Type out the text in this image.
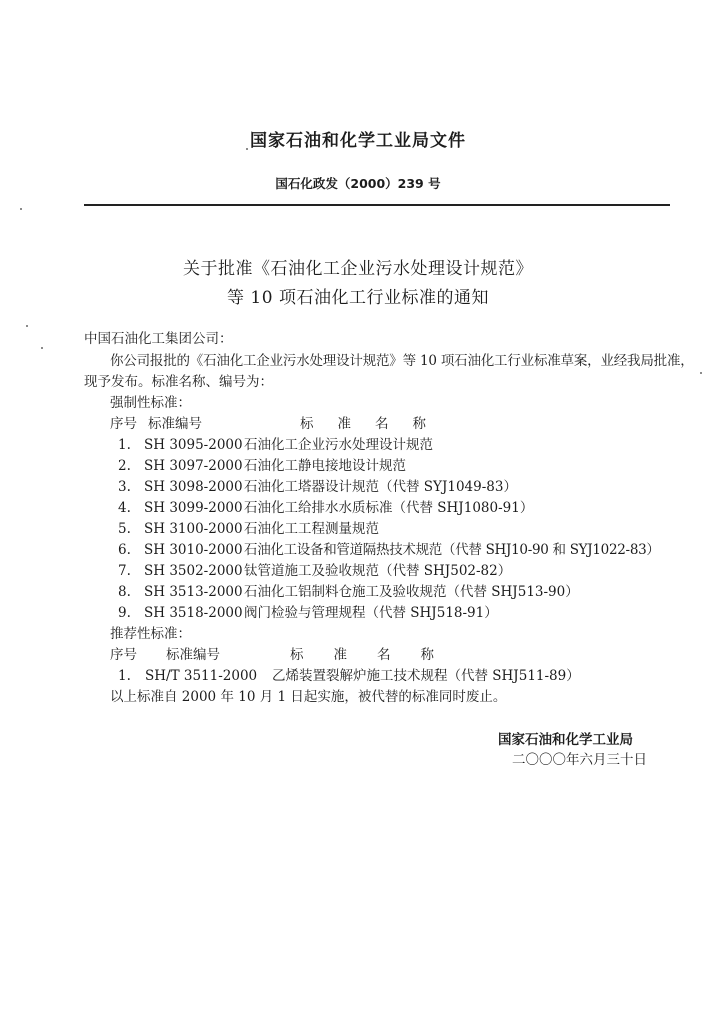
国家石油和化学工业局文件
国石化政发（2000）239 号
关于批准《石油化工企业污水处理设计规范》
等 10 项石油化工行业标准的通知
中国石油化工集团公司：
你公司报批的《石油化工企业污水处理设计规范》等 10 项石油化工行业标准草案，业经我局批准，
现予发布。标准名称、编号为：
强制性标准：
序号 标准编号	标准名称
1. SH 3095-2000 石油化工企业污水处理设计规范
2. SH 3097-2000 石油化工静电接地设计规范
3. SH 3098-2000 石油化工塔器设计规范（代替 SYJ1049-83）
4. SH 3099-2000 石油化工给排水水质标准（代替 SHJ1080-91）
5. SH 3100-2000 石油化工工程测量规范
6. SH 3010-2000 石油化工设备和管道隔热技术规范（代替 SHJ10-90 和 SYJ1022-83）
7. SH 3502-2000 钛管道施工及验收规范（代替 SHJ502-82）
8. SH 3513-2000 石油化工铝制料仓施工及验收规范（代替 SHJ513-90）
9. SH 3518-2000 阀门检验与管理规程（代替 SHJ518-91）
推荐性标准：
序号 标准编号	标准名称
1.	SH/T 3511-2000 乙烯装置裂解炉施工技术规程（代替 SHJ511-89）
以上标准自 2000 年 10 月 1 日起实施，被代替的标准同时废止。
国家石油和化学工业局
二〇〇〇年六月三十日
